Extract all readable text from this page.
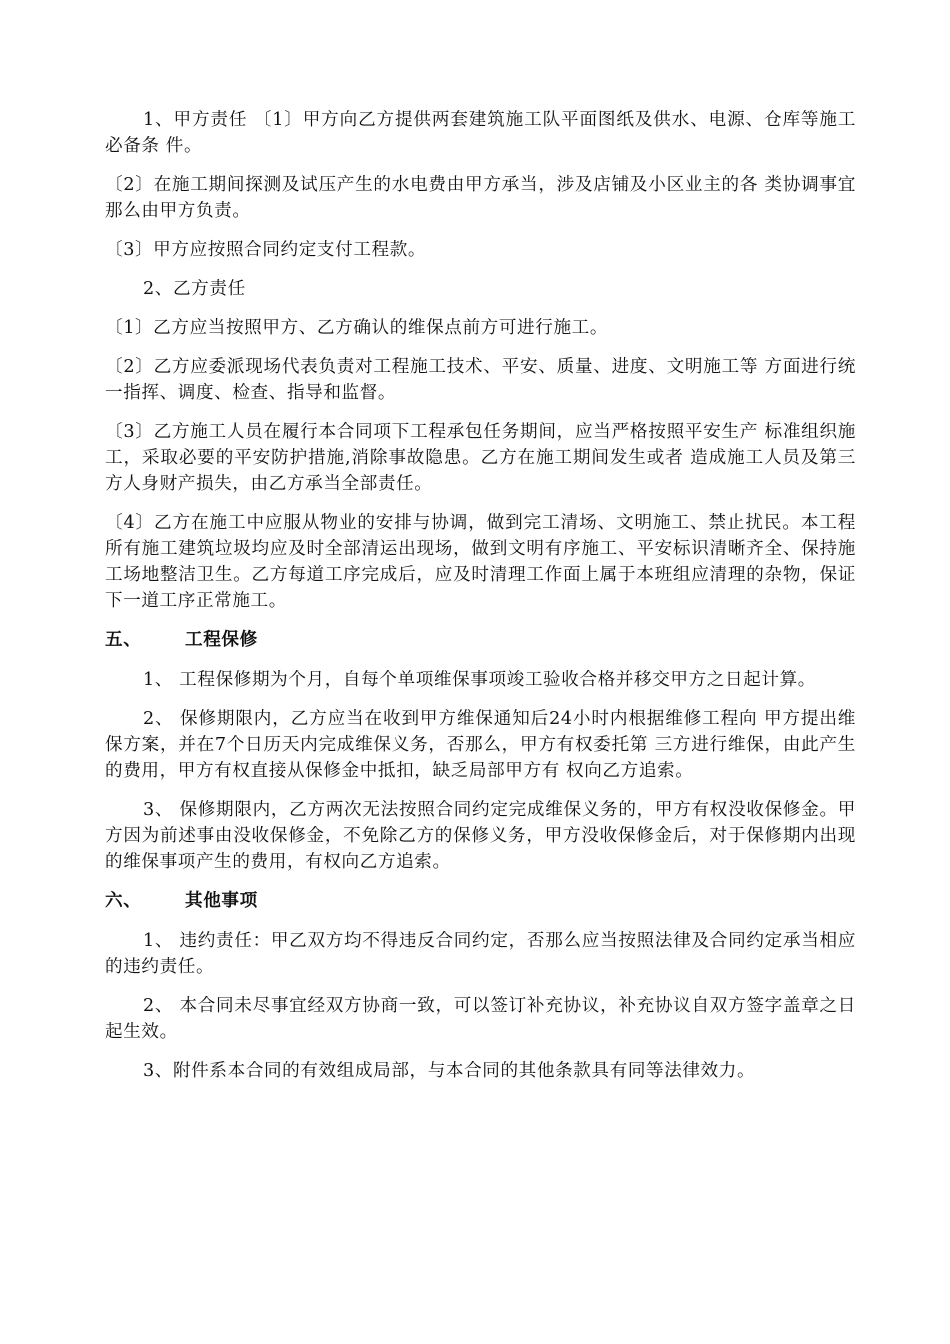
1、甲方责任 〔1〕甲方向乙方提供两套建筑施工队平面图纸及供水、电源、仓库等施工必备条 件。

〔2〕在施工期间探测及试压产生的水电费由甲方承当，涉及店铺及小区业主的各 类协调事宜那么由甲方负责。

〔3〕甲方应按照合同约定支付工程款。

2、乙方责任

〔1〕乙方应当按照甲方、乙方确认的维保点前方可进行施工。

〔2〕乙方应委派现场代表负责对工程施工技术、平安、质量、进度、文明施工等 方面进行统一指挥、调度、检查、指导和监督。

〔3〕乙方施工人员在履行本合同项下工程承包任务期间，应当严格按照平安生产 标准组织施工，采取必要的平安防护措施,消除事故隐患。乙方在施工期间发生或者 造成施工人员及第三方人身财产损失，由乙方承当全部责任。

〔4〕乙方在施工中应服从物业的安排与协调，做到完工清场、文明施工、禁止扰民。本工程所有施工建筑垃圾均应及时全部清运出现场，做到文明有序施工、平安标识清晰齐全、保持施工场地整洁卫生。乙方每道工序完成后，应及时清理工作面上属于本班组应清理的杂物，保证下一道工序正常施工。

五、	工程保修

1、 工程保修期为个月，自每个单项维保事项竣工验收合格并移交甲方之日起计算。

2、 保修期限内，乙方应当在收到甲方维保通知后24小时内根据维修工程向 甲方提出维保方案，并在7个日历天内完成维保义务，否那么，甲方有权委托第 三方进行维保，由此产生的费用，甲方有权直接从保修金中抵扣，缺乏局部甲方有 权向乙方追索。

3、 保修期限内，乙方两次无法按照合同约定完成维保义务的，甲方有权没收保修金。甲方因为前述事由没收保修金，不免除乙方的保修义务，甲方没收保修金后，对于保修期内出现的维保事项产生的费用，有权向乙方追索。

六、	其他事项

1、 违约责任：甲乙双方均不得违反合同约定，否那么应当按照法律及合同约定承当相应的违约责任。

2、 本合同未尽事宜经双方协商一致，可以签订补充协议，补充协议自双方签字盖章之日起生效。

3、附件系本合同的有效组成局部，与本合同的其他条款具有同等法律效力。
